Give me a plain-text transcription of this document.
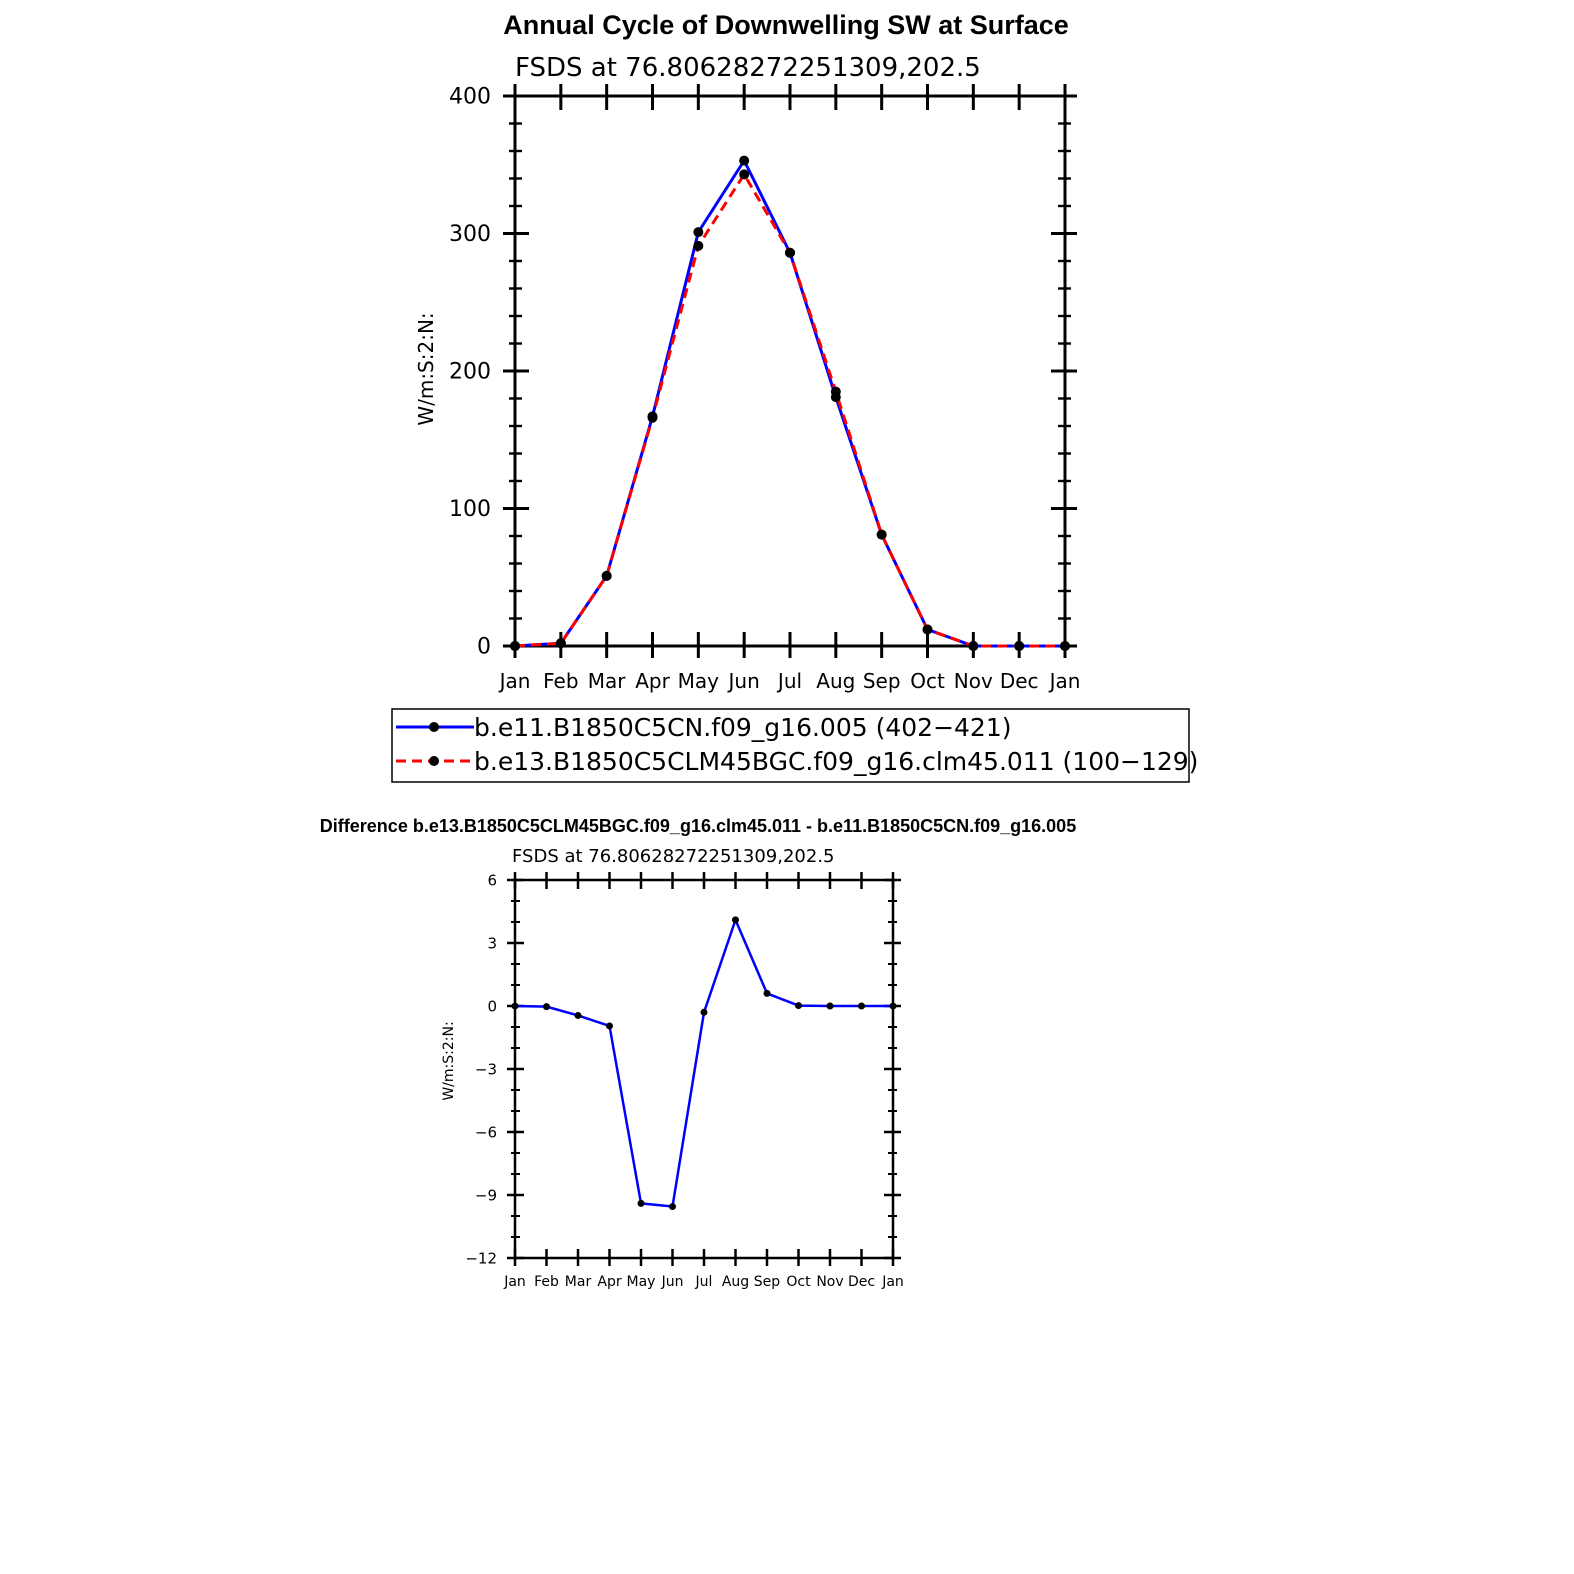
Annual Cycle of Downwelling SW at Surface
FSDS at 76.80628272251309,202.5
W/m:S:2:N:
0
100
200
300
400
Jan Feb Mar Apr May Jun Jul Aug Sep Oct Nov Dec Jan
b.e11.B1850C5CN.f09_g16.005 (402−421)
b.e13.B1850C5CLM45BGC.f09_g16.clm45.011 (100−129)
Difference b.e13.B1850C5CLM45BGC.f09_g16.clm45.011 - b.e11.B1850C5CN.f09_g16.005
FSDS at 76.80628272251309,202.5
W/m:S:2:N:
−12
−9
−6
−3
0
3
6
Jan Feb Mar Apr May Jun Jul Aug Sep Oct Nov Dec Jan
